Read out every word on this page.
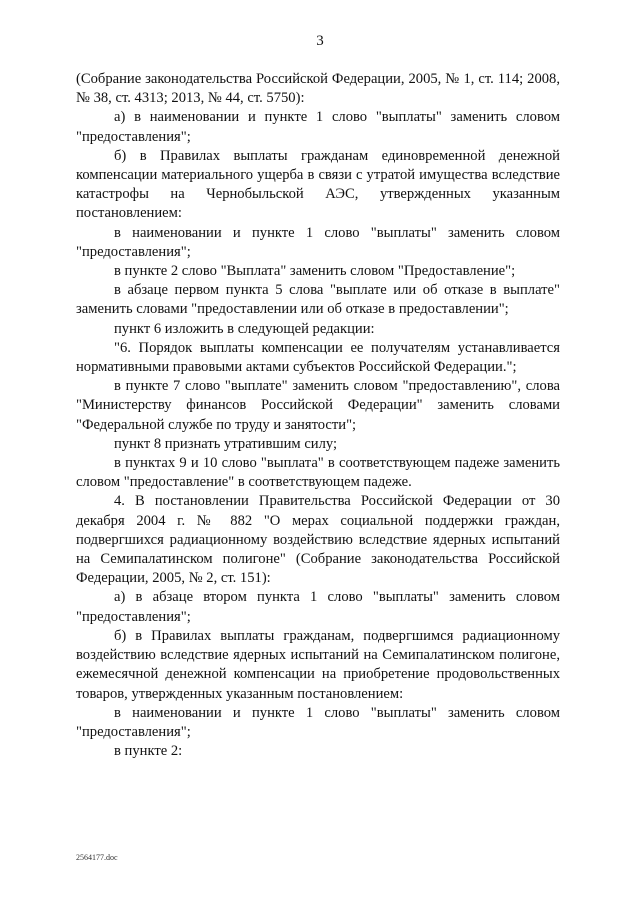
3

(Собрание законодательства Российской Федерации, 2005, № 1, ст. 114; 2008, № 38, ст. 4313; 2013, № 44, ст. 5750):

а) в наименовании и пункте 1 слово "выплаты" заменить словом "предоставления";

б) в Правилах выплаты гражданам единовременной денежной компенсации материального ущерба в связи с утратой имущества вследствие катастрофы на Чернобыльской АЭС, утвержденных указанным постановлением:

в наименовании и пункте 1 слово "выплаты" заменить словом "предоставления";

в пункте 2 слово "Выплата" заменить словом "Предоставление";

в абзаце первом пункта 5 слова "выплате или об отказе в выплате" заменить словами "предоставлении или об отказе в предоставлении";

пункт 6 изложить в следующей редакции:

"6. Порядок выплаты компенсации ее получателям устанавливается нормативными правовыми актами субъектов Российской Федерации.";

в пункте 7 слово "выплате" заменить словом "предоставлению", слова "Министерству финансов Российской Федерации" заменить словами "Федеральной службе по труду и занятости";

пункт 8 признать утратившим силу;

в пунктах 9 и 10 слово "выплата" в соответствующем падеже заменить словом "предоставление" в соответствующем падеже.

4. В постановлении Правительства Российской Федерации от 30 декабря 2004 г. № 882 "О мерах социальной поддержки граждан, подвергшихся радиационному воздействию вследствие ядерных испытаний на Семипалатинском полигоне" (Собрание законодательства Российской Федерации, 2005, № 2, ст. 151):

а) в абзаце втором пункта 1 слово "выплаты" заменить словом "предоставления";

б) в Правилах выплаты гражданам, подвергшимся радиационному воздействию вследствие ядерных испытаний на Семипалатинском полигоне, ежемесячной денежной компенсации на приобретение продовольственных товаров, утвержденных указанным постановлением:

в наименовании и пункте 1 слово "выплаты" заменить словом "предоставления";

в пункте 2:

2564177.doc
